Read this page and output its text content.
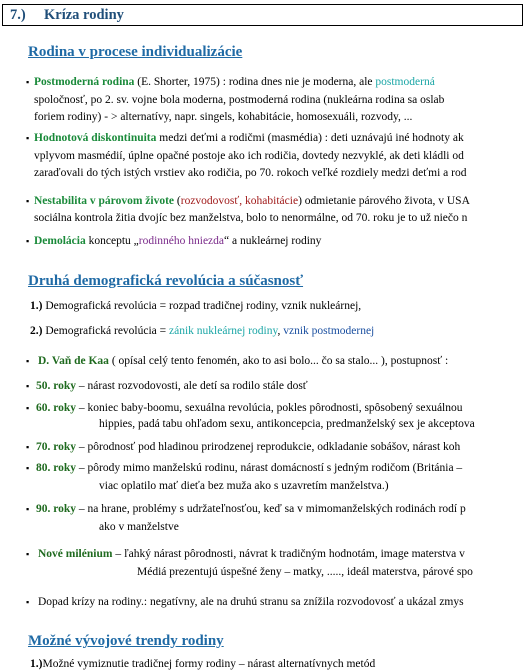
7.) Kríza rodiny
Rodina v procese individualizácie
▪ Postmoderná rodina (E. Shorter, 1975) : rodina dnes nie je moderna, ale postmoderná
spoločnosť, po 2. sv. vojne bola moderna, postmoderná rodina (nukleárna rodina sa oslab
foriem rodiny) - > alternatívy, napr. singels, kohabitácie, homosexuáli, rozvody, ...
▪ Hodnotová diskontinuita medzi deťmi a rodičmi (masmédia) : deti uznávajú iné hodnoty ak
vplyvom masmédií, úplne opačné postoje ako ich rodičia, dovtedy nezvyklé, ak deti kládli od
zaraďovali do tých istých vrstiev ako rodičia, po 70. rokoch veľké rozdiely medzi deťmi a rod
▪ Nestabilita v párovom živote (rozvodovosť, kohabitácie) odmietanie párového života, v USA
sociálna kontrola žitia dvojíc bez manželstva, bolo to nenormálne, od 70. roku je to už niečo n
▪ Demolácia konceptu „rodinného hniezda“ a nukleárnej rodiny
Druhá demografická revolúcia a súčasnosť
1.) Demografická revolúcia = rozpad tradičnej rodiny, vznik nukleárnej,
2.) Demografická revolúcia = zánik nukleárnej rodiny, vznik postmodernej
▪ D. Vaň de Kaa ( opísal celý tento fenomén, ako to asi bolo... čo sa stalo... ), postupnosť :
▪ 50. roky – nárast rozvodovosti, ale detí sa rodilo stále dosť
▪ 60. roky – koniec baby-boomu, sexuálna revolúcia, pokles pôrodnosti, spôsobený sexuálnou
hippies, padá tabu ohľadom sexu, antikoncepcia, predmanželský sex je akceptova
▪ 70. roky – pôrodnosť pod hladinou prirodzenej reprodukcie, odkladanie sobášov, nárast koh
▪ 80. roky – pôrody mimo manželskú rodinu, nárast domácností s jedným rodičom (Británia –
viac oplatilo mať dieťa bez muža ako s uzavretím manželstva.)
▪ 90. roky – na hrane, problémy s udržateľnosťou, keď sa v mimomanželských rodinách rodí p
ako v manželstve
▪ Nové milénium – ľahký nárast pôrodnosti, návrat k tradičným hodnotám, image materstva v
Médiá prezentujú úspešné ženy – matky, ....., ideál materstva, párové spo
▪ Dopad krízy na rodiny.: negatívny, ale na druhú stranu sa znížila rozvodovosť a ukázal zmys
Možné vývojové trendy rodiny
1.)Možné vymiznutie tradičnej formy rodiny – nárast alternatívnych metód
